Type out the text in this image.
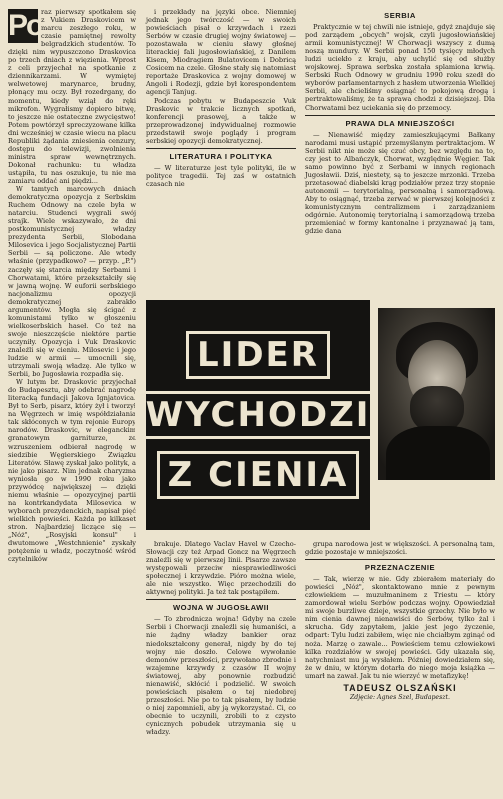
Po

raz pierwszy spotkałem się z Vukiem Draskovicem w marcu zeszłego roku, w czasie pamiętnej rewolty belgradzkich studentów. To dzięki nim wypuszczono Draskovica po trzech dniach z więzienia. Wprost z celi przyjechał na spotkanie z dziennikarzami. W wymiętej welwetowej marynarce, brudny, płonący mu oczy. Był rozedrgany, do momentu, kiedy wziął do ręki mikrofon. Wygrałismy dopiero bitwę, to jeszcze nie ostateczne zwycięstwo! Potem powtórzył spreczyzowane kilka dni wcześniej w czasie wiecu na placu Republiki żądania zniesienia cenzury, dostępu do telewizji, zwolnienia ministra spraw wewnętrznych. Dokonał rachunku: tu władza ustąpiła, tu nas oszukuje, tu nie ma zamiaru oddać ani piędzi...

W tamtych marcowych dniach demokratyczna opozycja z Serbskim Ruchem Odnowy na czele była w natarciu. Studenci wygrali swój strajk. Wiele wskazywało, że dni postkomunistycznej władzy prezydenta Serbii, Slobodana Milosevica i jego Socjalistycznej Partii Serbii — są policzone. Ale wtedy właśnie (przypadkowo? — przyp. „P.") zaczęły się starcia między Serbami i Chorwatami, które przekształciły się w jawną wojnę. W euforii serbskiego nacjonalizmu opozycji demokratycznej zabrakło argumentów. Mogła się ścigać z komunistami tylko w głoszeniu wielkoserbskich haseł. Co też na swoje nieszczęście niektóre partie uczyniły. Opozycja i Vuk Draskovic znaleźli się w cieniu. Milosevic i jego ludzie w armii — umocnili się, utrzymali swoją władzę. Ale tylko w Serbii, bo Jugosławia rozpadła się.

W lutym br. Draskovic przyjechał do Budapesztu, aby odebrać nagrodę literacką fundacji Jakova Ignjatovica. Był to Serb, pisarz, który żył i tworzył na Węgrzech w imię współdziałania tak skłóconych w tym rejonie Europy narodów. Draskovic, w eleganckim granatowym garniturze, ze wzruszeniem odbierał nagrodę w siedzibie Węgierskiego Związku Literatów. Sławę zyskał jako polityk, a nie jako pisarz. Nim jednak charyzma wyniosła go w 1990 roku jako przywódcę największej — dzięki niemu właśnie — opozycyjnej partii na kontrkandydata Milosevica w wyborach prezydenckich, napisał pięć wielkich powieści. Każda po kilkaset stron. Najbardziej liczące się — „Nóż", „Rosyjski konsul" i dwutomowe „Westchnienie" zyskały potężenie u władz, poczytność wśród czytelników

i przekłady na języki obce. Niemniej jednak jego twórczość — w swoich powieściach pisał o krzywdach i rzezi Serbów w czasie drugiej wojny światowej — pozostawała w cieniu sławy głośnej literackiej fali jugosłowiańskiej, z Danilem Kisem, Miodragiem Bulatovicem i Dobricą Cosicem na czele. Głośne stały się natomiast reportaże Draskovica z wojny domowej w Angoli i Rodezji, gdzie był korespondentem agencji Tanjug.

Podczas pobytu w Budapeszcie Vuk Draskovic w trakcie licznych spotkań, konferencji prasowej, a także w przeprowadzonej indywidualnej rozmowie przedstawił swoje poglądy i program serbskiej opozycji demokratycznej.

LITERATURA I POLITYKA

— W literaturze jest tyle polityki, ile w polityce tragedii. Tej zaś w ostatnich czasach nie

SERBIA

Praktycznie w tej chwili nie istnieje, gdyż znajduje się pod zarządem „obcych" wojsk, czyli jugosłowiańskiej armii komunistycznej! W Chorwacji wszyscy z dumą noszą mundury. W Serbii ponad 150 tysięcy młodych ludzi uciekło z kraju, aby uchylić się od służby wojskowej. Sprawa serbska została splamiona krwią. Serbski Ruch Odnowy w grudniu 1990 roku szedł do wyborów parlamentarnych z hasłem utworzenia Wielkiej Serbii, ale chcieliśmy osiągnąć to pokojową drogą i pertraktowaliśmy, że ta sprawa chodzi z dzisiejszej. Dla Chorwatami bez uciekania się do przemocy.

PRAWA DLA MNIEJSZOŚCI

— Nienawiść między zamieszkującymi Bałkany narodami musi ustąpić przemyślanym pertraktacjom. W Serbii nikt nie może się czuć obcy, bez względu na to, czy jest to Albańczyk, Chorwat, względnie Węgier. Tak samo powinno być z Serbami w innych regionach Jugosławii. Dziś, niestety, są to jeszcze mrzonki. Trzeba przetasować diabelski krąg podziałów przez trzy stopnie autonomii — terytorialną, personalną i samorządową. Aby to osiągnąć, trzeba zerwać w pierwszej kolejności z komunistycznym centralizmem i zarządzaniem odgórnie. Autonomię terytorialną i samorządową trzeba przemieniać w formy kantonalne i przyznawać ją tam, gdzie dana

LIDER
WYCHODZI
Z CIENIA

brakuje. Dlatego Vaclav Havel w Czecho-Słowacji czy też Arpad Goncz na Węgrzech znaleźli się w pierwszej linii. Pisarze zawsze występowali przeciw niesprawiedliwości społecznej i krzywdzie. Pióro można wiele, ale nie wszystko. Więc przechodzili do aktywnej polityki. Ja też tak postąpiłem.

WOJNA W JUGOSŁAWII

— To zbrodnicza wojna! Gdyby na czele Serbii i Chorwacji znaleźli się humaniści, a nie żądny władzy bankier oraz niedokształcony generał, nigdy by do tej wojny nie doszło. Celowe wywołanie demonów przeszłości, przywołano zbrodnie i wzajemne krzywdy z czasów II wojny światowej, aby ponownie rozbudzić nienawiść, skłócić i podzielić. W swoich powieściach pisałem o tej niedobrej przeszłości. Nie po to tak pisałem, by ludzie o niej zapomnieli, aby ją wykorzystać. Ci, co obecnie to uczynili, zrobili to z czysto cynicznych pobudek utrzymania się u władzy.

grupa narodowa jest w większości. A personalną tam, gdzie pozostaje w mniejszości.

PRZEZNACZENIE

— Tak, wierzę w nie. Gdy zbierałem materiały do powieści „Nóż", skontaktowano mnie z pewnym człowiekiem — muzułmaninem z Triestu — który zamordował wielu Serbów podczas wojny. Opowiedział mi swoje burzliwe dzieje, wszystkie grzechy. Nie było w nim cienia dawnej nienawiści do Serbów, tylko żal i skrucha. Gdy zapytałem, jakie jest jego życzenie, odpart: Tylu ludzi zabiłem, więc nie chciałbym zginąć od noża. Marzę o zawale... Powieściem temu człowiekowi kilka rozdziałów w swojej powieści. Gdy ukazała się, natychmiast mu ją wysłałem. Później dowiedziałem się, że w dniu, w którym dotarła do niego moja książka — umarł na zawał. Jak tu nie wierzyć w metafizykę!

TADEUSZ OLSZAŃSKI
Zdjęcie: Agnes Szel, Budapeszt.
